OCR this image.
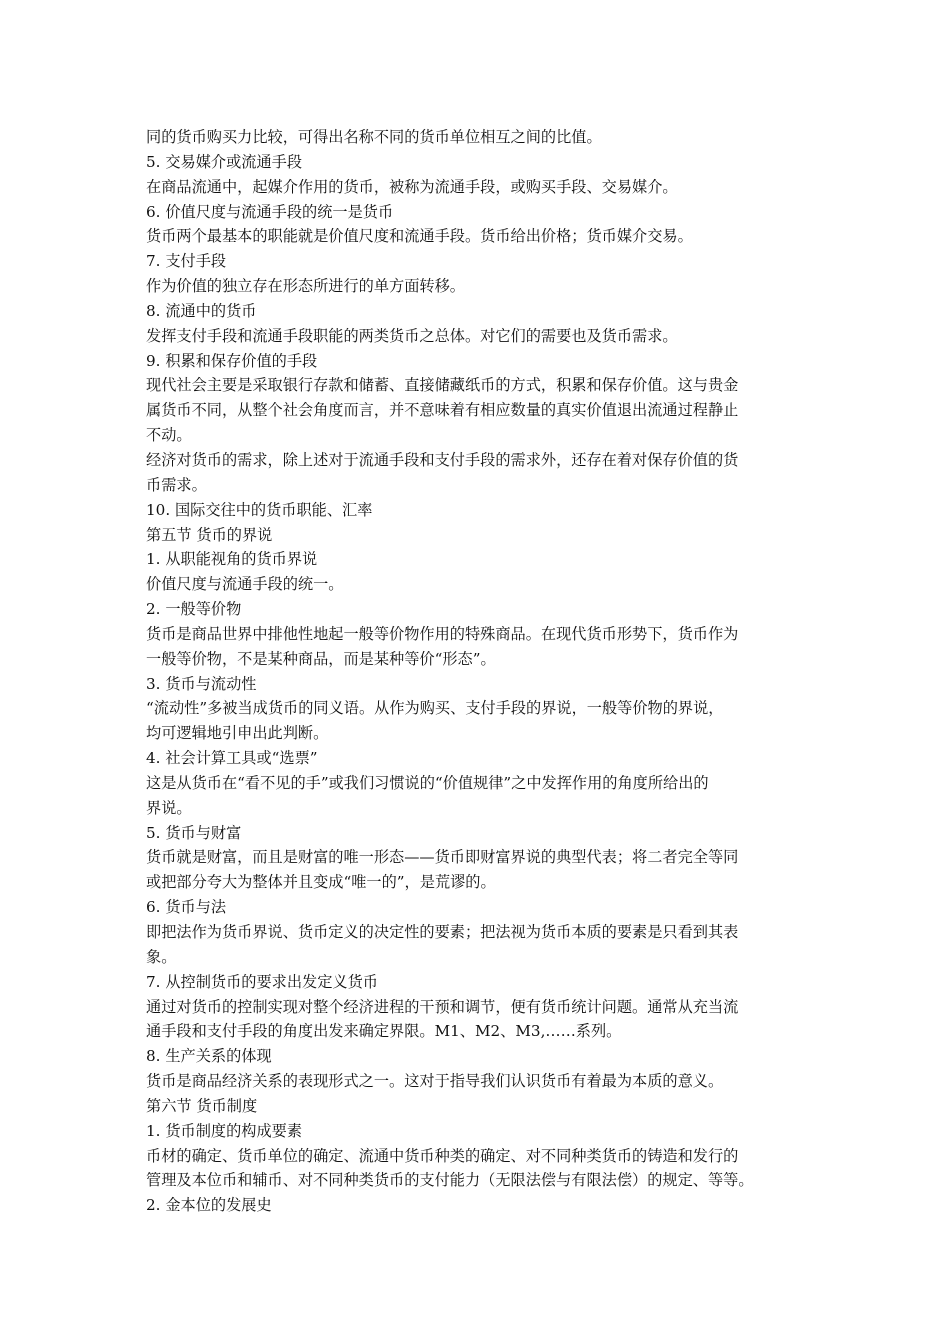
同的货币购买力比较，可得出名称不同的货币单位相互之间的比值。
5. 交易媒介或流通手段
在商品流通中，起媒介作用的货币，被称为流通手段，或购买手段、交易媒介。
6. 价值尺度与流通手段的统一是货币
货币两个最基本的职能就是价值尺度和流通手段。货币给出价格；货币媒介交易。
7. 支付手段
作为价值的独立存在形态所进行的单方面转移。
8. 流通中的货币
发挥支付手段和流通手段职能的两类货币之总体。对它们的需要也及货币需求。
9. 积累和保存价值的手段
现代社会主要是采取银行存款和储蓄、直接储藏纸币的方式，积累和保存价值。这与贵金
属货币不同，从整个社会角度而言，并不意味着有相应数量的真实价值退出流通过程静止
不动。
经济对货币的需求，除上述对于流通手段和支付手段的需求外，还存在着对保存价值的货
币需求。
10. 国际交往中的货币职能、汇率
第五节 货币的界说
1. 从职能视角的货币界说
价值尺度与流通手段的统一。
2. 一般等价物
货币是商品世界中排他性地起一般等价物作用的特殊商品。在现代货币形势下，货币作为
一般等价物，不是某种商品，而是某种等价“形态”。
3. 货币与流动性
“流动性”多被当成货币的同义语。从作为购买、支付手段的界说，一般等价物的界说，
均可逻辑地引申出此判断。
4. 社会计算工具或“选票”
这是从货币在“看不见的手”或我们习惯说的“价值规律”之中发挥作用的角度所给出的
界说。
5. 货币与财富
货币就是财富，而且是财富的唯一形态——货币即财富界说的典型代表；将二者完全等同
或把部分夸大为整体并且变成“唯一的”，是荒谬的。
6. 货币与法
即把法作为货币界说、货币定义的决定性的要素；把法视为货币本质的要素是只看到其表
象。
7. 从控制货币的要求出发定义货币
通过对货币的控制实现对整个经济进程的干预和调节，便有货币统计问题。通常从充当流
通手段和支付手段的角度出发来确定界限。M1、M2、M3,……系列。
8. 生产关系的体现
货币是商品经济关系的表现形式之一。这对于指导我们认识货币有着最为本质的意义。
第六节 货币制度
1. 货币制度的构成要素
币材的确定、货币单位的确定、流通中货币种类的确定、对不同种类货币的铸造和发行的
管理及本位币和辅币、对不同种类货币的支付能力（无限法偿与有限法偿）的规定、等等。
2. 金本位的发展史
